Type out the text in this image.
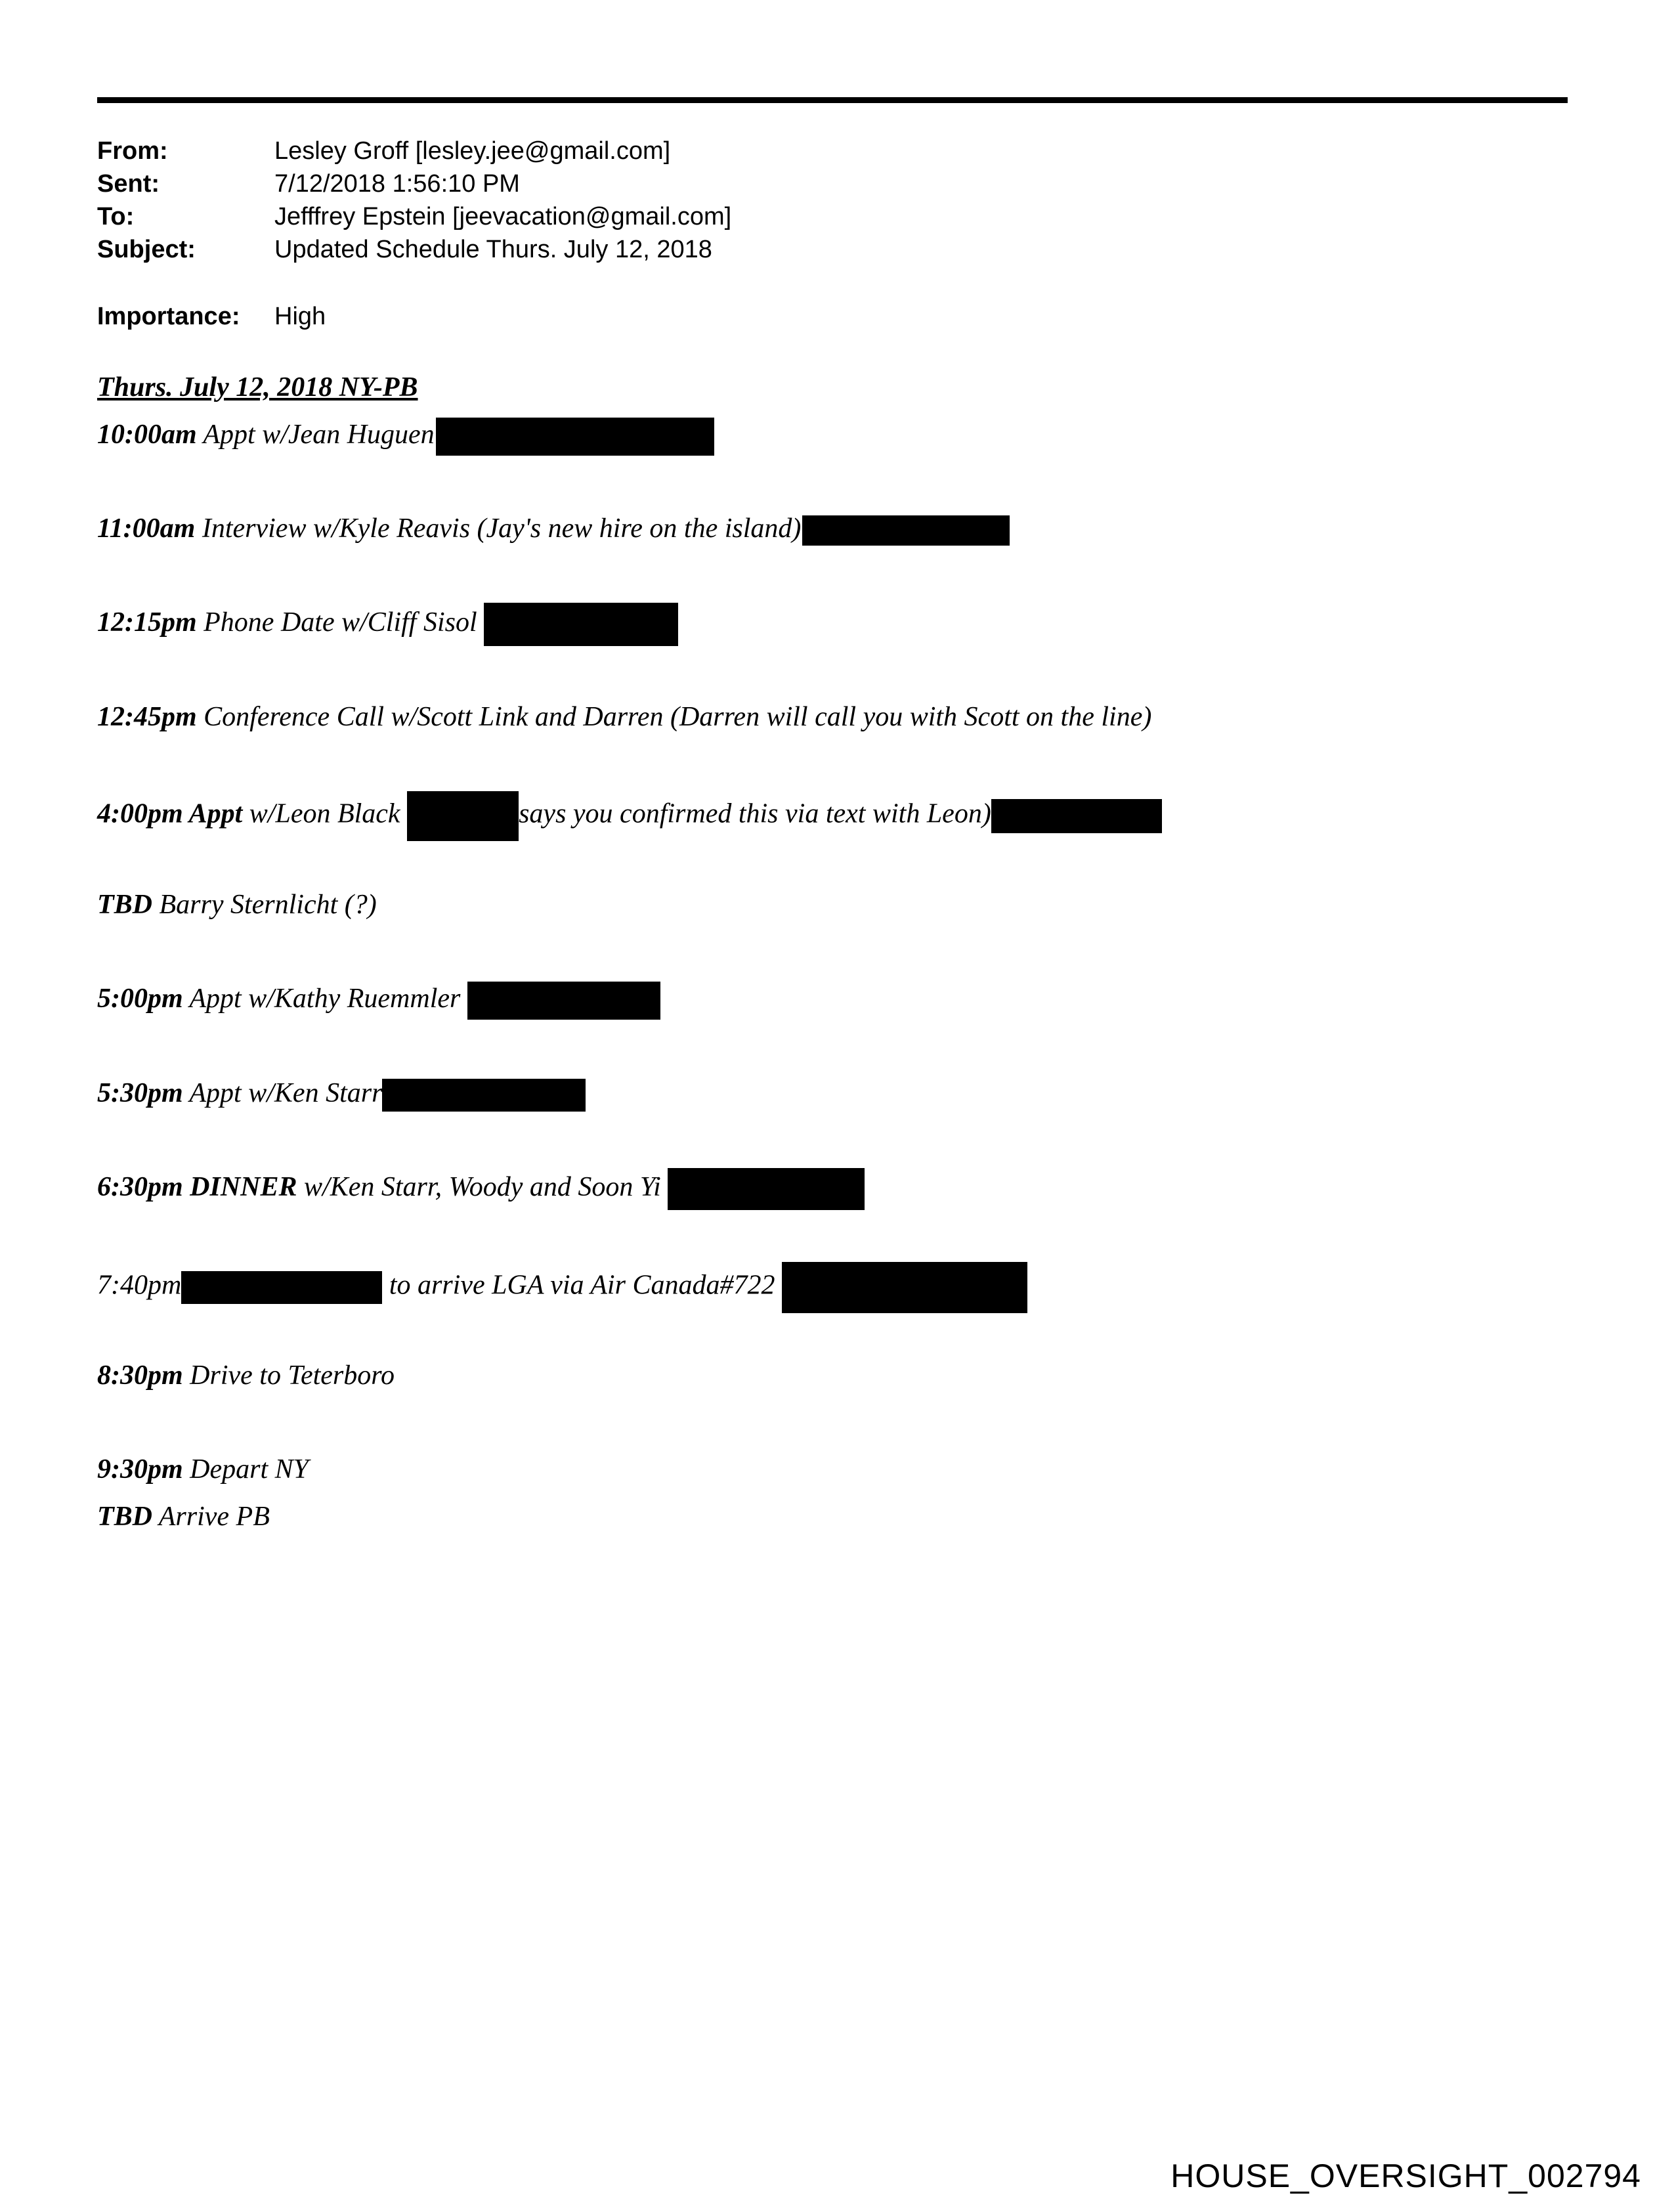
From:	Lesley Groff [lesley.jee@gmail.com]
Sent:	7/12/2018 1:56:10 PM
To:	Jefffrey Epstein [jeevacation@gmail.com]
Subject:	Updated Schedule Thurs. July 12, 2018
Importance: High
Thurs. July 12, 2018 NY-PB
10:00am Appt w/Jean Huguen
11:00am Interview w/Kyle Reavis (Jay's new hire on the island)
12:15pm Phone Date w/Cliff Sisol
12:45pm Conference Call w/Scott Link and Darren (Darren will call you with Scott on the line)
4:00pm Appt w/Leon Black	says you confirmed this via text with Leon)
TBD Barry Sternlicht (?)
5:00pm Appt w/Kathy Ruemmler
5:30pm Appt w/Ken Starr
6:30pm DINNER w/Ken Starr, Woody and Soon Yi
7:40pm	to arrive LGA via Air Canada#722
8:30pm Drive to Teterboro
9:30pm Depart NY
TBD Arrive PB
HOUSE_OVERSIGHT_002794
